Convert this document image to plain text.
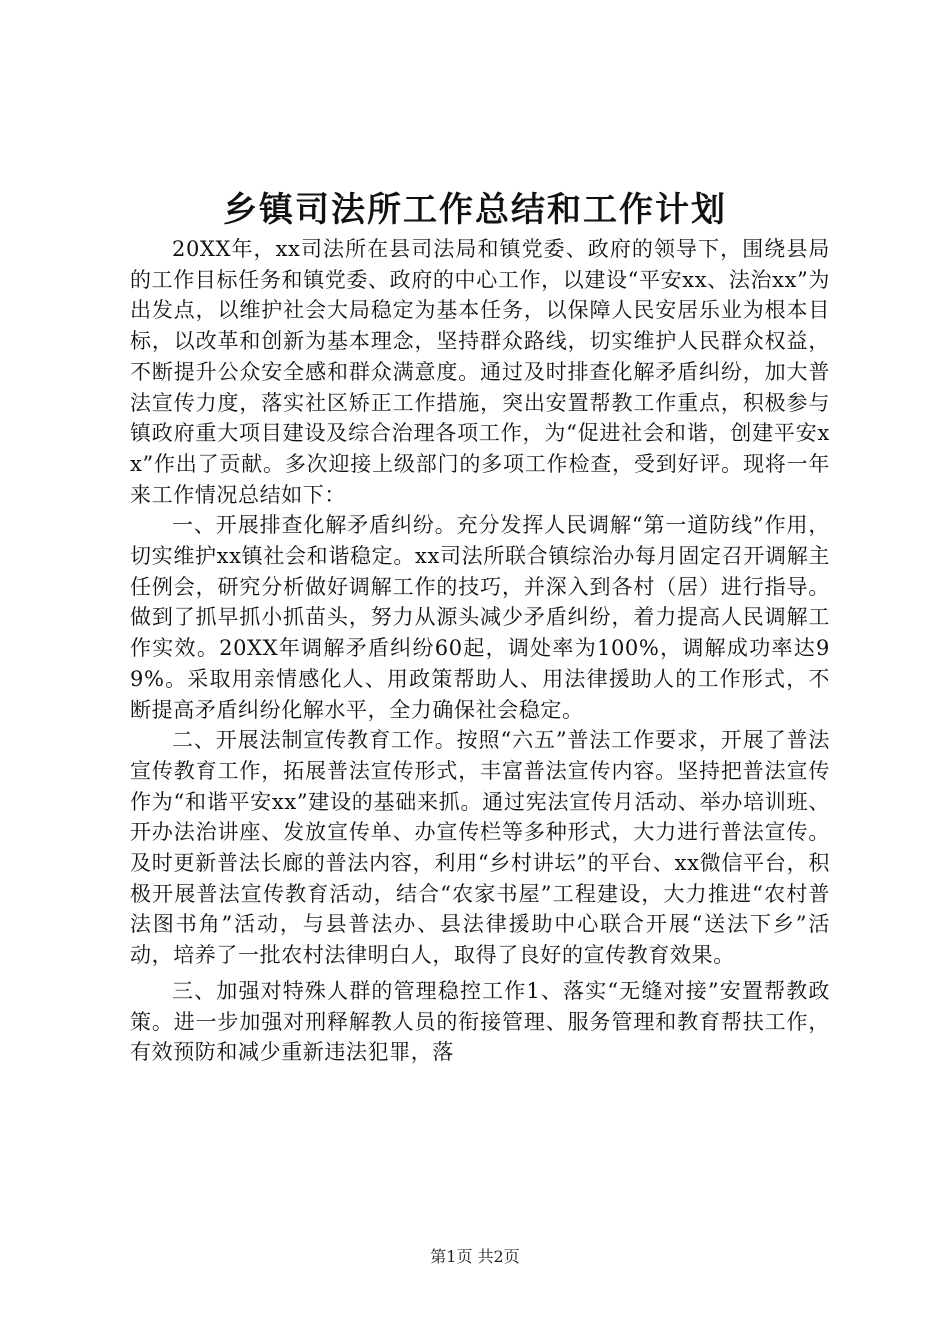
乡镇司法所工作总结和工作计划

20XX年，xx司法所在县司法局和镇党委、政府的领导下，围绕县局的工作目标任务和镇党委、政府的中心工作，以建设“平安xx、法治xx”为出发点，以维护社会大局稳定为基本任务，以保障人民安居乐业为根本目标，以改革和创新为基本理念，坚持群众路线，切实维护人民群众权益，不断提升公众安全感和群众满意度。通过及时排查化解矛盾纠纷，加大普法宣传力度，落实社区矫正工作措施，突出安置帮教工作重点，积极参与镇政府重大项目建设及综合治理各项工作，为“促进社会和谐，创建平安xx”作出了贡献。多次迎接上级部门的多项工作检查，受到好评。现将一年来工作情况总结如下：

一、开展排查化解矛盾纠纷。充分发挥人民调解“第一道防线”作用，切实维护xx镇社会和谐稳定。xx司法所联合镇综治办每月固定召开调解主任例会，研究分析做好调解工作的技巧，并深入到各村（居）进行指导。做到了抓早抓小抓苗头，努力从源头减少矛盾纠纷，着力提高人民调解工作实效。20XX年调解矛盾纠纷60起，调处率为100%，调解成功率达99%。采取用亲情感化人、用政策帮助人、用法律援助人的工作形式，不断提高矛盾纠纷化解水平，全力确保社会稳定。

二、开展法制宣传教育工作。按照“六五”普法工作要求，开展了普法宣传教育工作，拓展普法宣传形式，丰富普法宣传内容。坚持把普法宣传作为“和谐平安xx”建设的基础来抓。通过宪法宣传月活动、举办培训班、开办法治讲座、发放宣传单、办宣传栏等多种形式，大力进行普法宣传。及时更新普法长廊的普法内容，利用“乡村讲坛”的平台、xx微信平台，积极开展普法宣传教育活动，结合“农家书屋”工程建设，大力推进“农村普法图书角”活动，与县普法办、县法律援助中心联合开展“送法下乡”活动，培养了一批农村法律明白人，取得了良好的宣传教育效果。

三、加强对特殊人群的管理稳控工作1、落实“无缝对接”安置帮教政策。进一步加强对刑释解教人员的衔接管理、服务管理和教育帮扶工作，有效预防和减少重新违法犯罪，落

第1页 共2页
